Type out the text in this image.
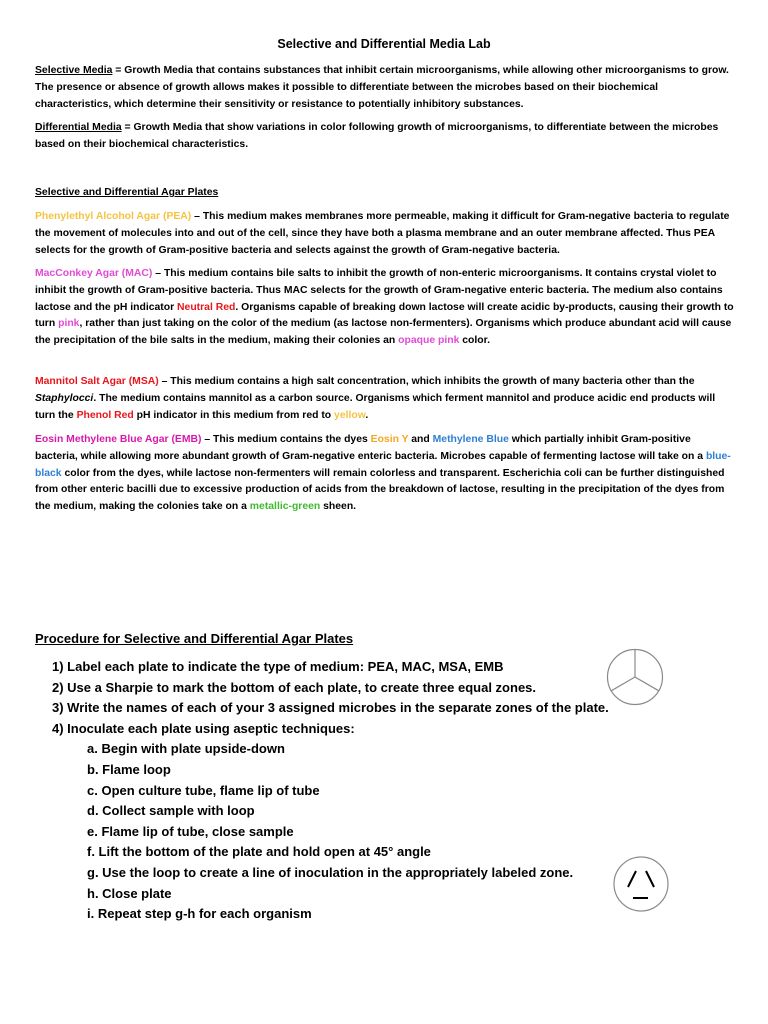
Selective and Differential Media Lab
Selective Media = Growth Media that contains substances that inhibit certain microorganisms, while allowing other microorganisms to grow. The presence or absence of growth allows makes it possible to differentiate between the microbes based on their biochemical characteristics, which determine their sensitivity or resistance to potentially inhibitory substances.
Differential Media = Growth Media that show variations in color following growth of microorganisms, to differentiate between the microbes based on their biochemical characteristics.
Selective and Differential Agar Plates
Phenylethyl Alcohol Agar (PEA) – This medium makes membranes more permeable, making it difficult for Gram-negative bacteria to regulate the movement of molecules into and out of the cell, since they have both a plasma membrane and an outer membrane affected. Thus PEA selects for the growth of Gram-positive bacteria and selects against the growth of Gram-negative bacteria.
MacConkey Agar (MAC) – This medium contains bile salts to inhibit the growth of non-enteric microorganisms. It contains crystal violet to inhibit the growth of Gram-positive bacteria. Thus MAC selects for the growth of Gram-negative enteric bacteria. The medium also contains lactose and the pH indicator Neutral Red. Organisms capable of breaking down lactose will create acidic by-products, causing their growth to turn pink, rather than just taking on the color of the medium (as lactose non-fermenters). Organisms which produce abundant acid will cause the precipitation of the bile salts in the medium, making their colonies an opaque pink color.
Mannitol Salt Agar (MSA) – This medium contains a high salt concentration, which inhibits the growth of many bacteria other than the Staphylocci. The medium contains mannitol as a carbon source. Organisms which ferment mannitol and produce acidic end products will turn the Phenol Red pH indicator in this medium from red to yellow.
Eosin Methylene Blue Agar (EMB) – This medium contains the dyes Eosin Y and Methylene Blue which partially inhibit Gram-positive bacteria, while allowing more abundant growth of Gram-negative enteric bacteria. Microbes capable of fermenting lactose will take on a blue-black color from the dyes, while lactose non-fermenters will remain colorless and transparent. Escherichia coli can be further distinguished from other enteric bacilli due to excessive production of acids from the breakdown of lactose, resulting in the precipitation of the dyes from the medium, making the colonies take on a metallic-green sheen.
Procedure for Selective and Differential Agar Plates
1) Label each plate to indicate the type of medium: PEA, MAC, MSA, EMB
2) Use a Sharpie to mark the bottom of each plate, to create three equal zones.
3) Write the names of each of your 3 assigned microbes in the separate zones of the plate.
4) Inoculate each plate using aseptic techniques:
a. Begin with plate upside-down
b. Flame loop
c. Open culture tube, flame lip of tube
d. Collect sample with loop
e. Flame lip of tube, close sample
f. Lift the bottom of the plate and hold open at 45° angle
g. Use the loop to create a line of inoculation in the appropriately labeled zone.
h. Close plate
i. Repeat step g-h for each organism
